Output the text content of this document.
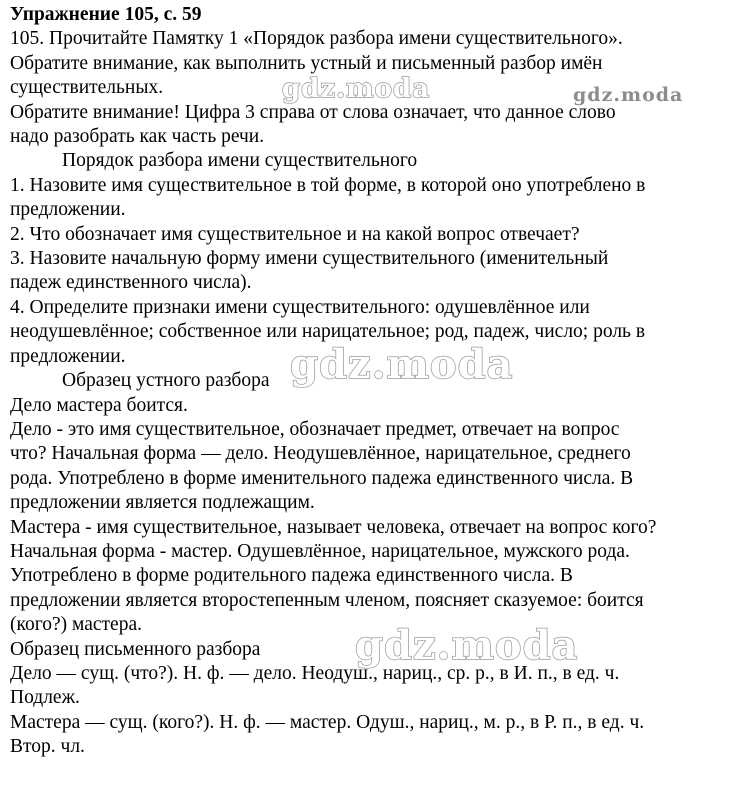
Упражнение 105, с. 59
105. Прочитайте Памятку 1 «Порядок разбора имени существительного».
Обратите внимание, как выполнить устный и письменный разбор имён
существительных.
Обратите внимание! Цифра 3 справа от слова означает, что данное слово
надо разобрать как часть речи.
Порядок разбора имени существительного
1. Назовите имя существительное в той форме, в которой оно употреблено в
предложении.
2. Что обозначает имя существительное и на какой вопрос отвечает?
3. Назовите начальную форму имени существительного (именительный
падеж единственного числа).
4. Определите признаки имени существительного: одушевлённое или
неодушевлённое; собственное или нарицательное; род, падеж, число; роль в
предложении.
Образец устного разбора
Дело мастера боится.
Дело - это имя существительное, обозначает предмет, отвечает на вопрос
что? Начальная форма — дело. Неодушевлённое, нарицательное, среднего
рода. Употреблено в форме именительного падежа единственного числа. В
предложении является подлежащим.
Мастера - имя существительное, называет человека, отвечает на вопрос кого?
Начальная форма - мастер. Одушевлённое, нарицательное, мужского рода.
Употреблено в форме родительного падежа единственного числа. В
предложении является второстепенным членом, поясняет сказуемое: боится
(кого?) мастера.
Образец письменного разбора
Дело — сущ. (что?). Н. ф. — дело. Неодуш., нариц., ср. р., в И. п., в ед. ч.
Подлеж.
Мастера — сущ. (кого?). Н. ф. — мастер. Одуш., нариц., м. р., в Р. п., в ед. ч.
Втор. чл.
gdz.moda	gdz.moda
gdz.moda
gdz.moda
